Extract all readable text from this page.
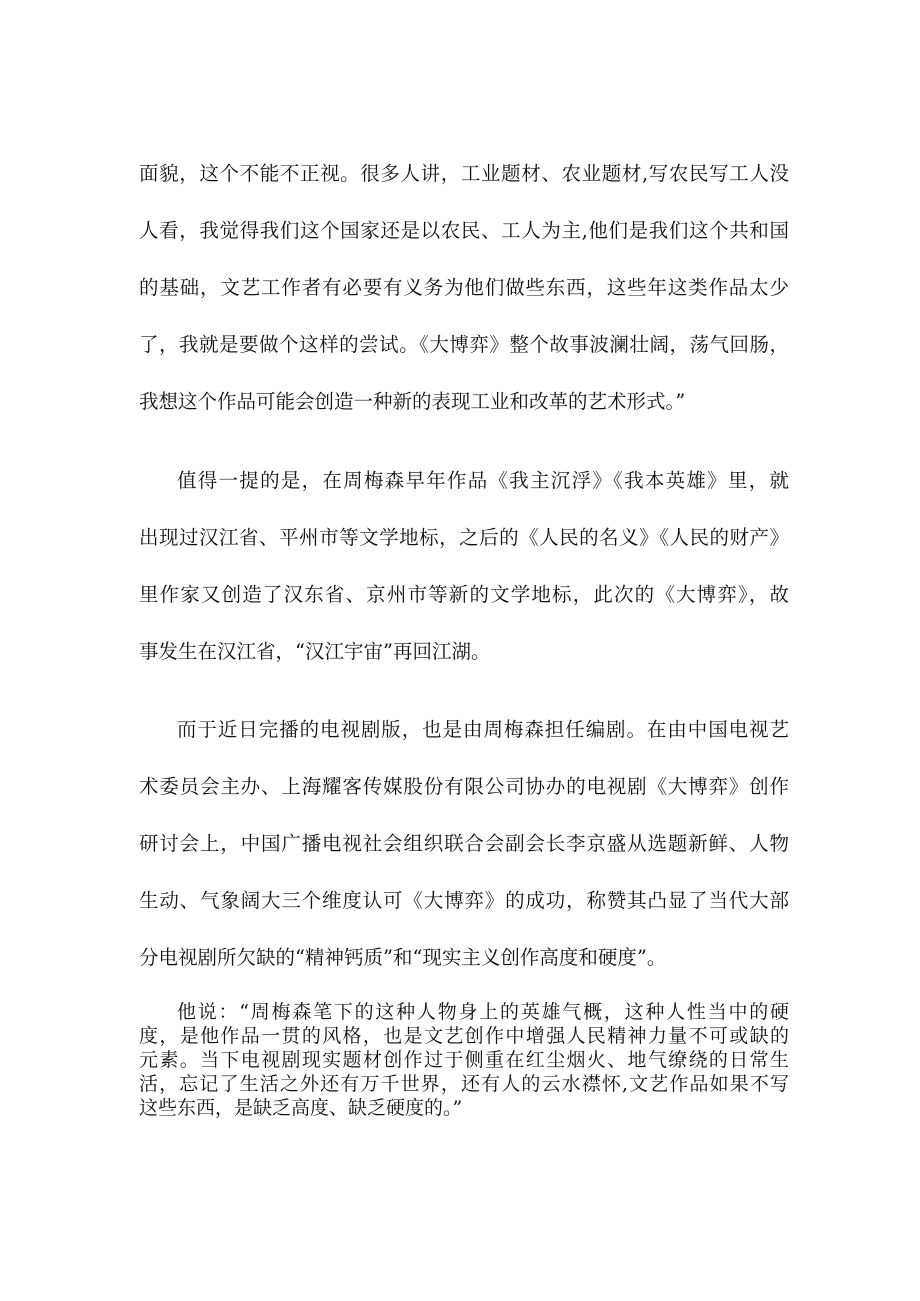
面貌，这个不能不正视。很多人讲，工业题材、农业题材,写农民写工人没
人看，我觉得我们这个国家还是以农民、工人为主,他们是我们这个共和国
的基础，文艺工作者有必要有义务为他们做些东西，这些年这类作品太少
了，我就是要做个这样的尝试。《大博弈》整个故事波澜壮阔，荡气回肠，
我想这个作品可能会创造一种新的表现工业和改革的艺术形式。”
值得一提的是，在周梅森早年作品《我主沉浮》《我本英雄》里，就
出现过汉江省、平州市等文学地标，之后的《人民的名义》《人民的财产》
里作家又创造了汉东省、京州市等新的文学地标，此次的《大博弈》，故
事发生在汉江省，“汉江宇宙”再回江湖。
而于近日完播的电视剧版，也是由周梅森担任编剧。在由中国电视艺
术委员会主办、上海耀客传媒股份有限公司协办的电视剧《大博弈》创作
研讨会上，中国广播电视社会组织联合会副会长李京盛从选题新鲜、人物
生动、气象阔大三个维度认可《大博弈》的成功，称赞其凸显了当代大部
分电视剧所欠缺的“精神钙质”和“现实主义创作高度和硬度”。
他说：“周梅森笔下的这种人物身上的英雄气概，这种人性当中的硬
度，是他作品一贯的风格，也是文艺创作中增强人民精神力量不可或缺的
元素。当下电视剧现实题材创作过于侧重在红尘烟火、地气缭绕的日常生
活，忘记了生活之外还有万千世界，还有人的云水襟怀,文艺作品如果不写
这些东西，是缺乏高度、缺乏硬度的。”
